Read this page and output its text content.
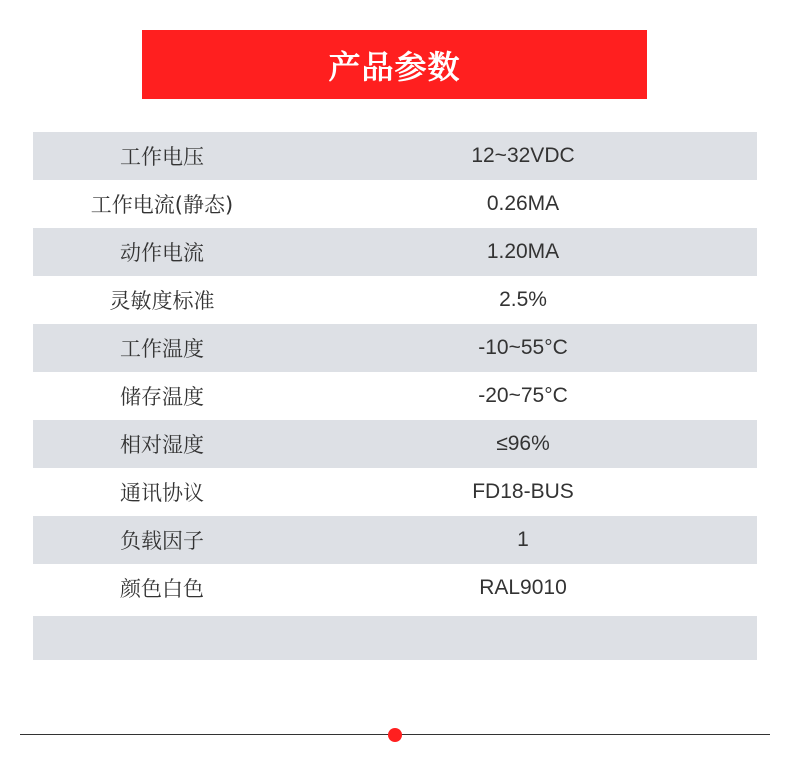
产品参数
工作电压	12~32VDC
工作电流(静态)	0.26MA
动作电流	1.20MA
灵敏度标准	2.5%
工作温度	-10~55°C
储存温度	-20~75°C
相对湿度	≤96%
通讯协议	FD18-BUS
负载因子	1
颜色白色	RAL9010
